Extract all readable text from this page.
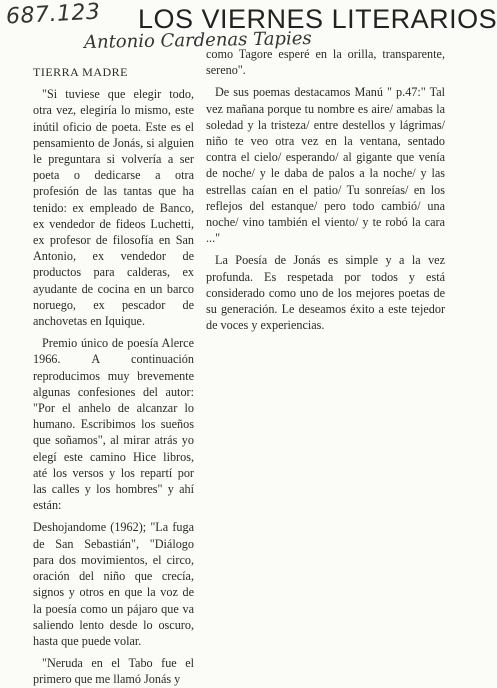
687.123 LOS VIERNES LITERARIOS
Antonio Cardenas Tapies

TIERRA MADRE

"Si tuviese que elegir todo, otra vez, elegiría lo mismo, este inútil oficio de poeta. Este es el pensamiento de Jonás, si alguien le preguntara si volvería a ser poeta o dedicarse a otra profesión de las tantas que ha tenido: ex empleado de Banco, ex vendedor de fideos Luchetti, ex profesor de filosofía en San Antonio, ex vendedor de productos para calderas, ex ayudante de cocina en un barco noruego, ex pescador de anchovetas en Iquique.

Premio único de poesía Alerce 1966. A continuación reproducimos muy brevemente algunas confesiones del autor: "Por el anhelo de alcanzar lo humano. Escribimos los sueños que soñamos", al mirar atrás yo elegí este camino Hice libros, até los versos y los repartí por las calles y los hombres" y ahí están:

Deshojandome (1962); "La fuga de San Sebastián", "Diálogo para dos movimientos, el circo, oración del niño que crecía, signos y otros en que la voz de la poesía como un pájaro que va saliendo lento desde lo oscuro, hasta que puede volar.

"Neruda en el Tabo fue el primero que me llamó Jonás y

como Tagore esperé en la orilla, transparente, sereno".

De sus poemas destacamos Manú " p.47:" Tal vez mañana porque tu nombre es aire/ amabas la soledad y la tristeza/ entre destellos y lágrimas/ niño te veo otra vez en la ventana, sentado contra el cielo/ esperando/ al gigante que venía de noche/ y le daba de palos a la noche/ y las estrellas caían en el patio/ Tu sonreías/ en los reflejos del estanque/ pero todo cambió/ una noche/ vino también el viento/ y te robó la cara ..."

La Poesía de Jonás es simple y a la vez profunda. Es respetada por todos y está considerado como uno de los mejores poetas de su generación. Le deseamos éxito a este tejedor de voces y experiencias.
